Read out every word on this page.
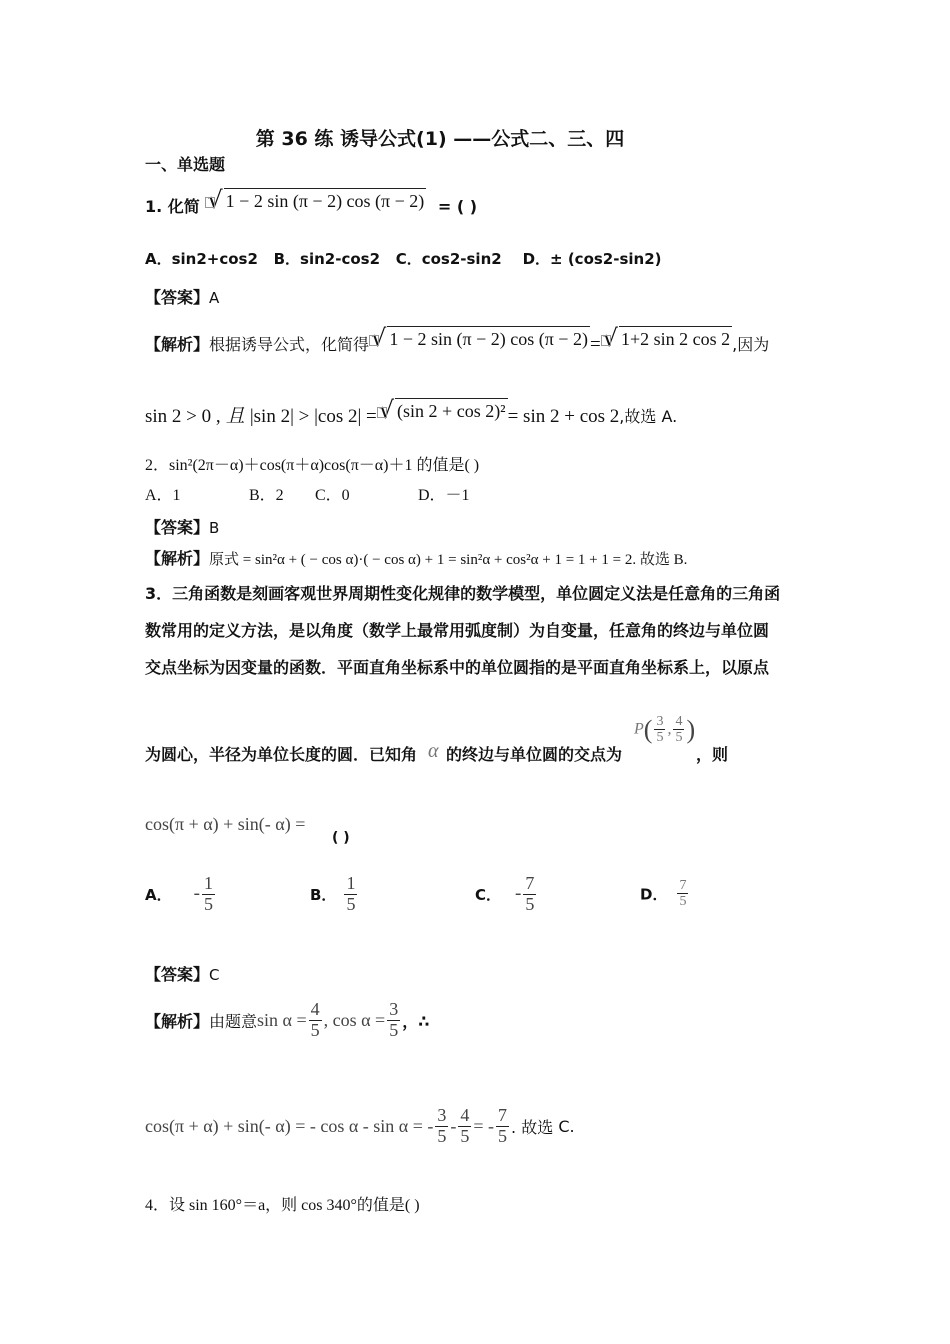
第 36 练 诱导公式(1) ——公式二、三、四
一、单选题
1. 化简 √ 1 − 2 sin (π − 2) cos (π − 2) = ( )
A．sin2+cos2 B．sin2-cos2 C．cos2-sin2 D．± (cos2-sin2)
【答案】A
【解析】根据诱导公式，化简得 √ 1 − 2 sin (π − 2) cos (π − 2) = √ 1+2 sin 2 cos 2 ,因为
sin 2 > 0 , 且 |sin 2| > |cos 2| = √ (sin 2 + cos 2)² = sin 2 + cos 2,故选 A.
2．sin²(2π－α)＋cos(π＋α)cos(π－α)＋1 的值是( )
A．1	B．2 C．0	D．－1
【答案】B
【解析】原式 = sin²α + ( − cos α)·( − cos α) + 1 = sin²α + cos²α + 1 = 1 + 1 = 2. 故选 B.
3．三角函数是刻画客观世界周期性变化规律的数学模型，单位圆定义法是任意角的三角函
数常用的定义方法，是以角度（数学上最常用弧度制）为自变量，任意角的终边与单位圆
交点坐标为因变量的函数．平面直角坐标系中的单位圆指的是平面直角坐标系上，以原点
为圆心，半径为单位长度的圆．已知角 α 的终边与单位圆的交点为
$P( \frac{3}{5}$ , $\frac{4}{5}$ )
，则
cos(π + α) + sin(- α) =
( )
A． - $\frac{1}{5}$	B． $\frac{1}{5}$	C． - $\frac{7}{5}$	D． $\frac{7}{5}$
【答案】C
【解析】由题意$\sin \alpha = \frac{4}{5}$ , $\cos \alpha = \frac{3}{5}$ ，∴
cos(π + α) + sin(- α) = - cos α - sin α = - $\frac{3}{5} - \frac{4}{5}$ = - $\frac{7}{5}$ . 故选 C.
4．设 sin 160°＝a，则 cos 340°的值是( )
